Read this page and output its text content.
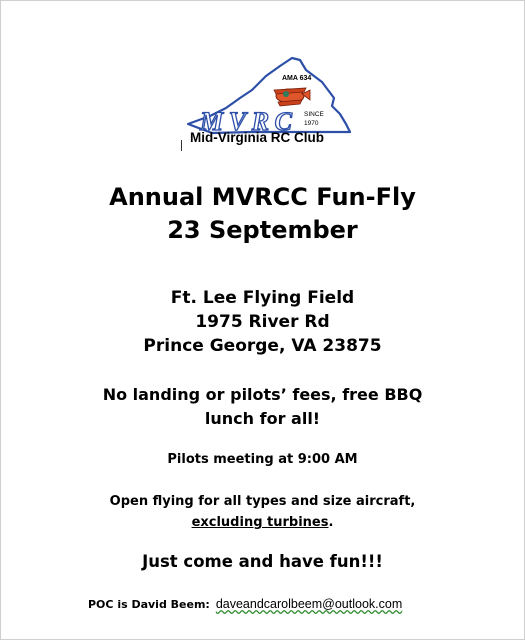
AMA 634
MVRC SINCE
1970
Mid-Virginia RC Club
Annual MVRCC Fun-Fly
23 September
Ft. Lee Flying Field
1975 River Rd
Prince George, VA 23875
No landing or pilots’ fees, free BBQ
lunch for all!
Pilots meeting at 9:00 AM
Open flying for all types and size aircraft,
excluding turbines.
Just come and have fun!!!
POC is David Beem: daveandcarolbeem@outlook.com
